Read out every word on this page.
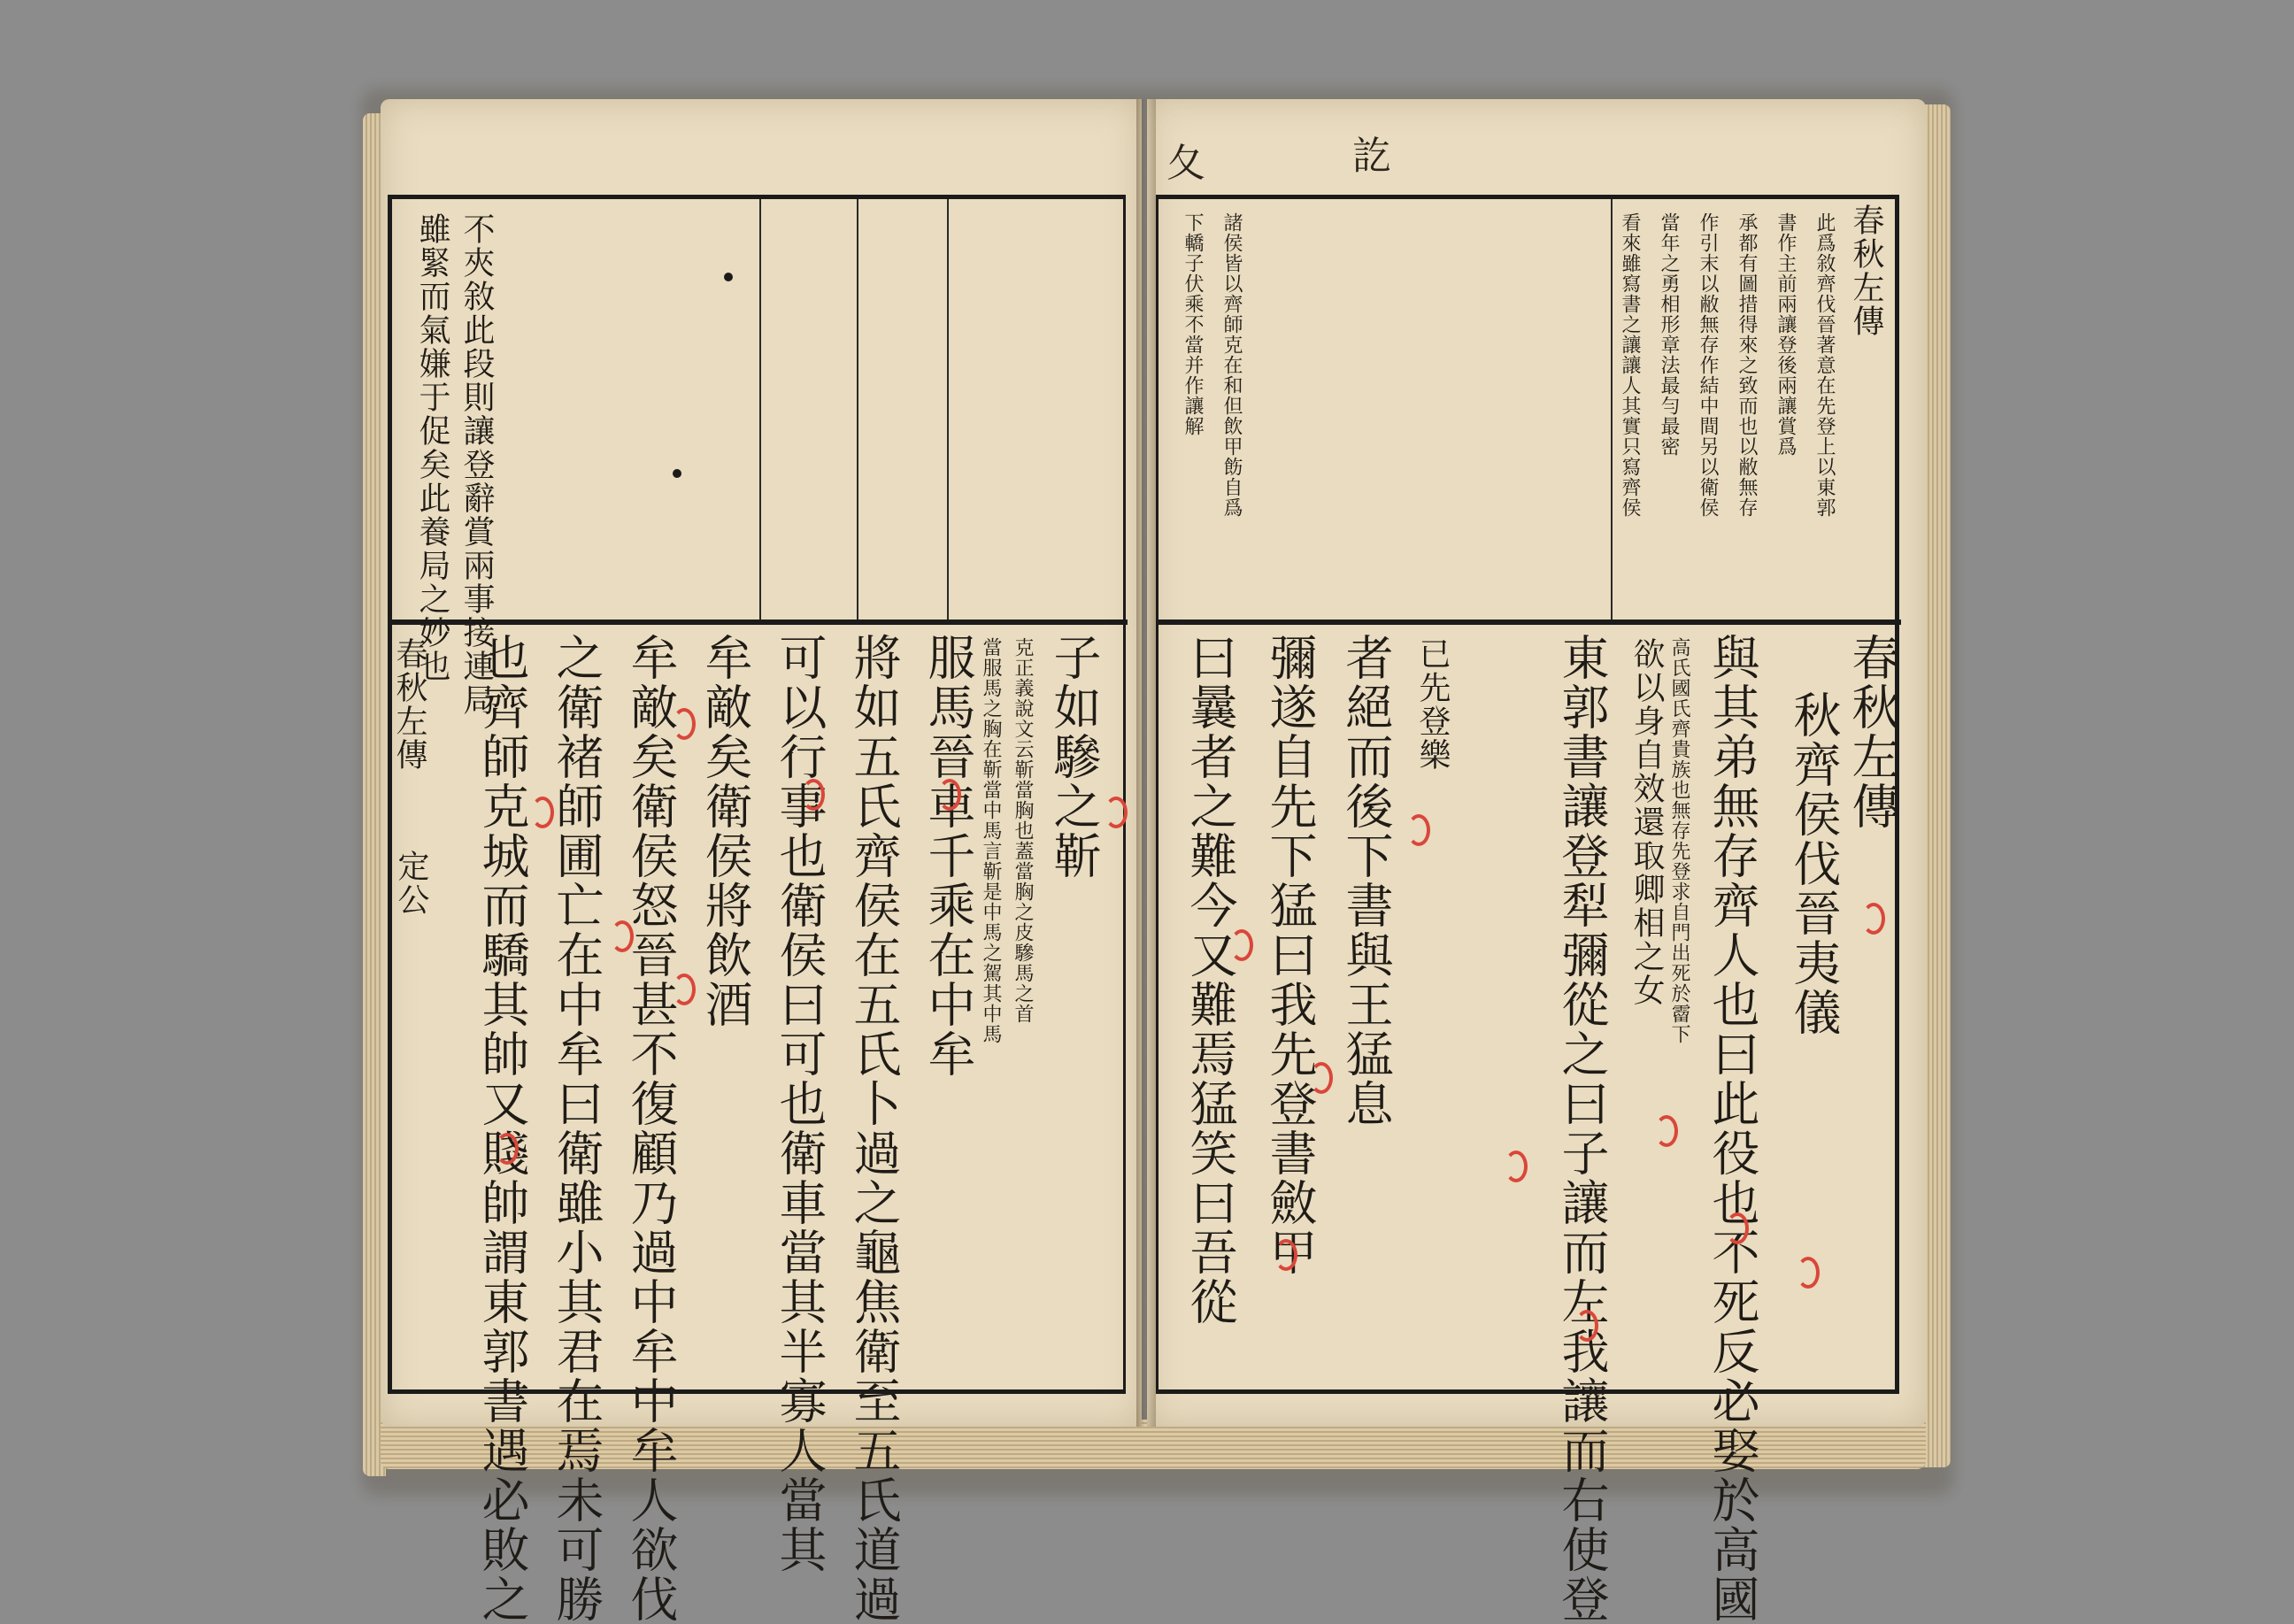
夂	訖
不夾敘此段則讓登辭賞兩事接連局
雖緊而氣嫌于促矣此養局之妙也
春秋左傳
定公
子如驂之靳
克正義說文云靳當胸也蓋當胸之皮驂馬之首
當服馬之胸在靳當中馬言靳是中馬之駕其中馬
服馬晉車千乘在中牟
將如五氏齊侯在五氏卜過之龜焦衛至五氏道過
可以行事也衛侯曰可也衛車當其半寡人當其
牟敵矣衛侯將飲酒
牟敵矣衛侯怒晉甚不復顧乃過中牟中牟人欲伐
之衛褚師圃亡在中牟曰衛雖小其君在焉未可勝
也齊師克城而驕其帥又賤帥謂東郭書遇必敗之
春秋左傳
春秋左傳
此爲敘齊伐晉著意在先登上以東郭
書作主前兩讓登後兩讓賞爲
承都有圖措得來之致而也以敝無存
作引末以敝無存作結中間另以衛侯
當年之勇相形章法最勻最密
看來雖寫書之讓讓人其實只寫齊侯
諸侯皆以齊師克在和但飲甲飭自爲
下轎子伏乘不當并作讓解
秋齊侯伐晉夷儀
與其弟無存齊人也曰此役也不死反必娶於高國
高氏國氏齊貴族也無存先登求自門出死於霤下
欲以身自效還取卿相之女
東郭書讓登犁彌從之曰子讓而左我讓而右使登
已先登樂
者絕而後下書與王猛息
彌遂自先下猛曰我先登書斂甲
曰曩者之難今又難焉猛笑曰吾從
